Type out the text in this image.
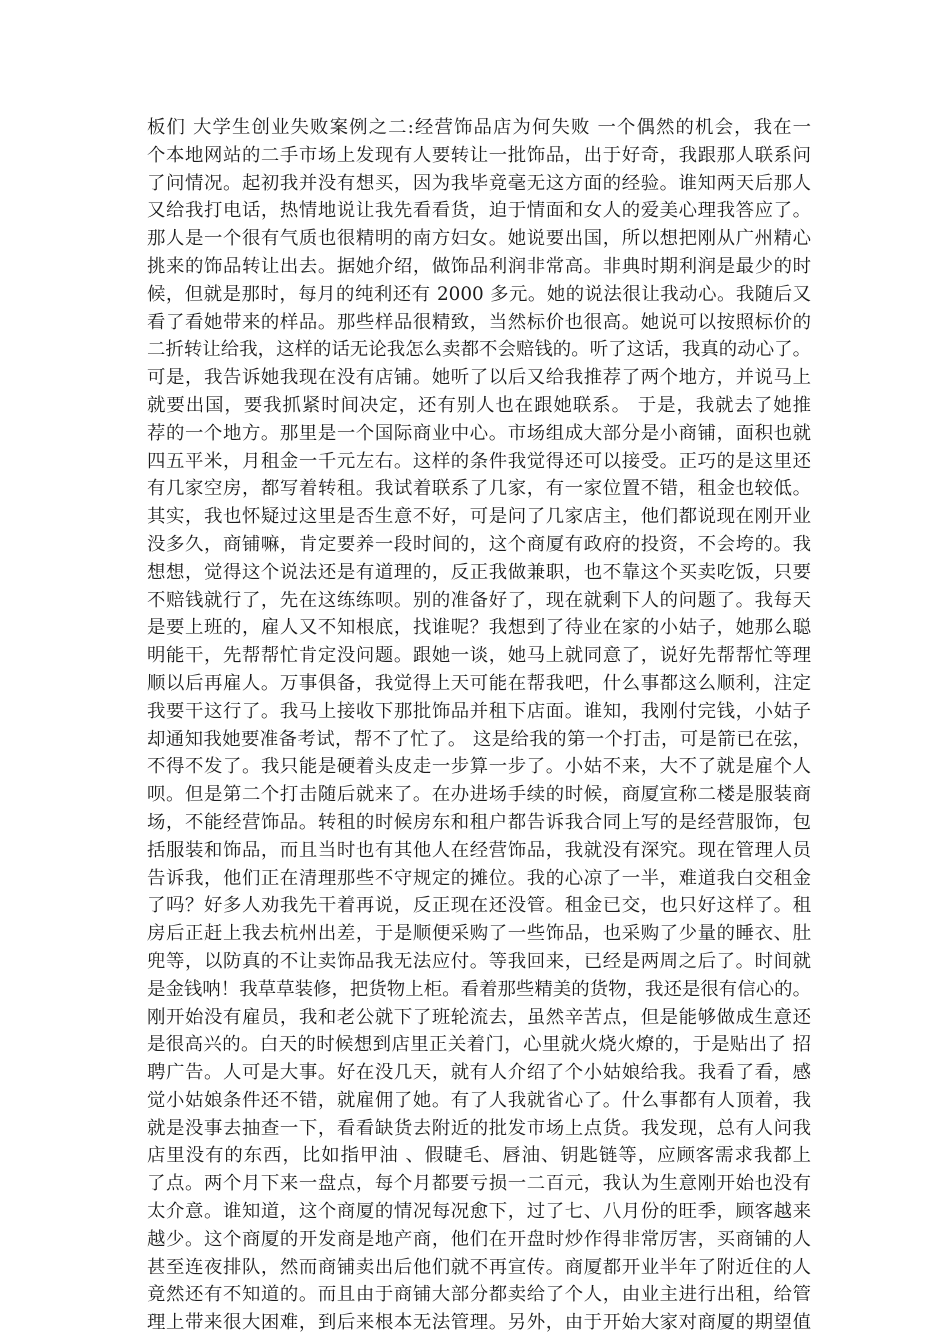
板们 大学生创业失败案例之二:经营饰品店为何失败 一个偶然的机会，我在一
个本地网站的二手市场上发现有人要转让一批饰品，出于好奇，我跟那人联系问
了问情况。起初我并没有想买，因为我毕竟毫无这方面的经验。谁知两天后那人
又给我打电话，热情地说让我先看看货，迫于情面和女人的爱美心理我答应了。
那人是一个很有气质也很精明的南方妇女。她说要出国，所以想把刚从广州精心
挑来的饰品转让出去。据她介绍，做饰品利润非常高。非典时期利润是最少的时
候，但就是那时，每月的纯利还有 2000 多元。她的说法很让我动心。我随后又
看了看她带来的样品。那些样品很精致，当然标价也很高。她说可以按照标价的
二折转让给我，这样的话无论我怎么卖都不会赔钱的。听了这话，我真的动心了。
可是，我告诉她我现在没有店铺。她听了以后又给我推荐了两个地方，并说马上
就要出国，要我抓紧时间决定，还有别人也在跟她联系。 于是，我就去了她推
荐的一个地方。那里是一个国际商业中心。市场组成大部分是小商铺，面积也就
四五平米，月租金一千元左右。这样的条件我觉得还可以接受。正巧的是这里还
有几家空房，都写着转租。我试着联系了几家，有一家位置不错，租金也较低。
其实，我也怀疑过这里是否生意不好，可是问了几家店主，他们都说现在刚开业
没多久，商铺嘛，肯定要养一段时间的，这个商厦有政府的投资，不会垮的。我
想想，觉得这个说法还是有道理的，反正我做兼职，也不靠这个买卖吃饭，只要
不赔钱就行了，先在这练练呗。别的准备好了，现在就剩下人的问题了。我每天
是要上班的，雇人又不知根底，找谁呢？我想到了待业在家的小姑子，她那么聪
明能干，先帮帮忙肯定没问题。跟她一谈，她马上就同意了，说好先帮帮忙等理
顺以后再雇人。万事俱备，我觉得上天可能在帮我吧，什么事都这么顺利，注定
我要干这行了。我马上接收下那批饰品并租下店面。谁知，我刚付完钱，小姑子
却通知我她要准备考试，帮不了忙了。 这是给我的第一个打击，可是箭已在弦，
不得不发了。我只能是硬着头皮走一步算一步了。小姑不来，大不了就是雇个人
呗。但是第二个打击随后就来了。在办进场手续的时候，商厦宣称二楼是服装商
场，不能经营饰品。转租的时候房东和租户都告诉我合同上写的是经营服饰，包
括服装和饰品，而且当时也有其他人在经营饰品，我就没有深究。现在管理人员
告诉我，他们正在清理那些不守规定的摊位。我的心凉了一半，难道我白交租金
了吗？好多人劝我先干着再说，反正现在还没管。租金已交，也只好这样了。租
房后正赶上我去杭州出差，于是顺便采购了一些饰品，也采购了少量的睡衣、肚
兜等，以防真的不让卖饰品我无法应付。等我回来，已经是两周之后了。时间就
是金钱呐！我草草装修，把货物上柜。看着那些精美的货物，我还是很有信心的。
刚开始没有雇员，我和老公就下了班轮流去，虽然辛苦点，但是能够做成生意还
是很高兴的。白天的时候想到店里正关着门，心里就火烧火燎的，于是贴出了 招
聘广告。人可是大事。好在没几天，就有人介绍了个小姑娘给我。我看了看，感
觉小姑娘条件还不错，就雇佣了她。有了人我就省心了。什么事都有人顶着，我
就是没事去抽查一下，看看缺货去附近的批发市场上点货。我发现，总有人问我
店里没有的东西，比如指甲油 、假睫毛、唇油、钥匙链等，应顾客需求我都上
了点。两个月下来一盘点，每个月都要亏损一二百元，我认为生意刚开始也没有
太介意。谁知道，这个商厦的情况每况愈下，过了七、八月份的旺季，顾客越来
越少。这个商厦的开发商是地产商，他们在开盘时炒作得非常厉害，买商铺的人
甚至连夜排队，然而商铺卖出后他们就不再宣传。商厦都开业半年了附近住的人
竟然还有不知道的。而且由于商铺大部分都卖给了个人，由业主进行出租，给管
理上带来很大困难，到后来根本无法管理。另外，由于开始大家对商厦的期望值
